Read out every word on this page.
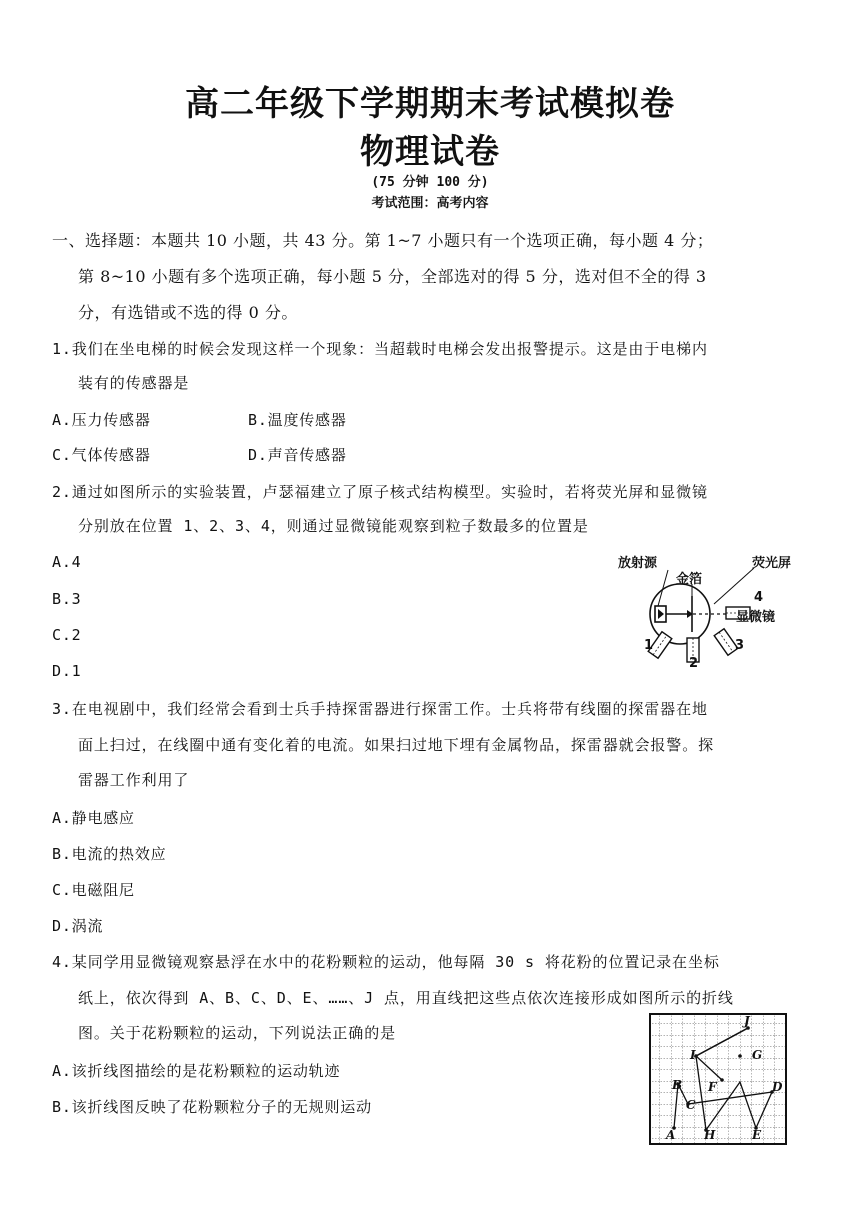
高二年级下学期期末考试模拟卷
物理试卷
(75 分钟 100 分)
考试范围：高考内容
一、选择题：本题共 10 小题，共 43 分。第 1~7 小题只有一个选项正确，每小题 4 分；
第 8~10 小题有多个选项正确，每小题 5 分，全部选对的得 5 分，选对但不全的得 3
分，有选错或不选的得 0 分。
1.我们在坐电梯的时候会发现这样一个现象：当超载时电梯会发出报警提示。这是由于电梯内
装有的传感器是
A.压力传感器	B.温度传感器
C.气体传感器	D.声音传感器
2.通过如图所示的实验装置，卢瑟福建立了原子核式结构模型。实验时，若将荧光屏和显微镜
分别放在位置 1、2、3、4，则通过显微镜能观察到粒子数最多的位置是
A.4
B.3
C.2
D.1
放射源
金箔
荧光屏
4
显微镜
1
2
3
3.在电视剧中，我们经常会看到士兵手持探雷器进行探雷工作。士兵将带有线圈的探雷器在地
面上扫过，在线圈中通有变化着的电流。如果扫过地下埋有金属物品，探雷器就会报警。探
雷器工作利用了
A.静电感应
B.电流的热效应
C.电磁阻尼
D.涡流
4.某同学用显微镜观察悬浮在水中的花粉颗粒的运动，他每隔 30 s 将花粉的位置记录在坐标
纸上，依次得到 A、B、C、D、E、……、J 点，用直线把这些点依次连接形成如图所示的折线
图。关于花粉颗粒的运动，下列说法正确的是
A.该折线图描绘的是花粉颗粒的运动轨迹
B.该折线图反映了花粉颗粒分子的无规则运动
A
B
C
D
E
F
G
H
I
J
